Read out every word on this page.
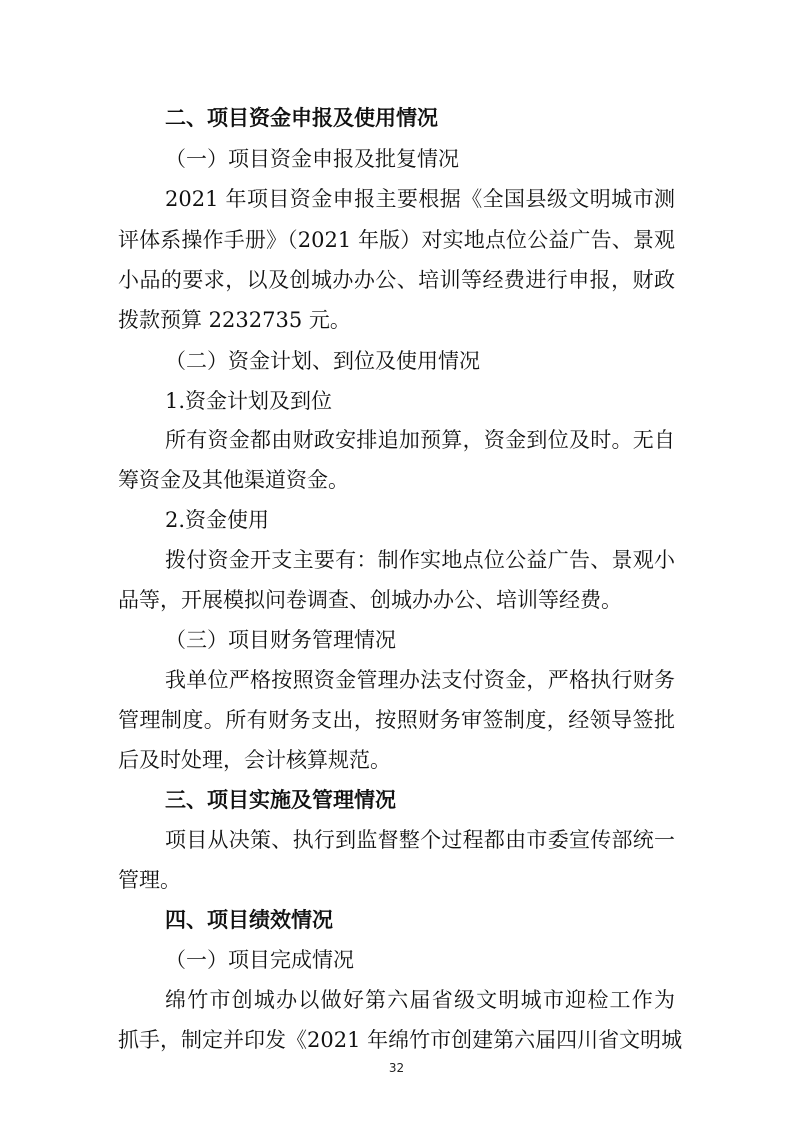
二、项目资金申报及使用情况
（一）项目资金申报及批复情况
2021 年项目资金申报主要根据《全国县级文明城市测
评体系操作手册》（2021 年版）对实地点位公益广告、景观
小品的要求，以及创城办办公、培训等经费进行申报，财政
拨款预算 2232735 元。
（二）资金计划、到位及使用情况
1.资金计划及到位
所有资金都由财政安排追加预算，资金到位及时。无自
筹资金及其他渠道资金。
2.资金使用
拨付资金开支主要有：制作实地点位公益广告、景观小
品等，开展模拟问卷调查、创城办办公、培训等经费。
（三）项目财务管理情况
我单位严格按照资金管理办法支付资金，严格执行财务
管理制度。所有财务支出，按照财务审签制度，经领导签批
后及时处理，会计核算规范。
三、项目实施及管理情况
项目从决策、执行到监督整个过程都由市委宣传部统一
管理。
四、项目绩效情况
（一）项目完成情况
绵竹市创城办以做好第六届省级文明城市迎检工作为
抓手，制定并印发《2021 年绵竹市创建第六届四川省文明城
32
